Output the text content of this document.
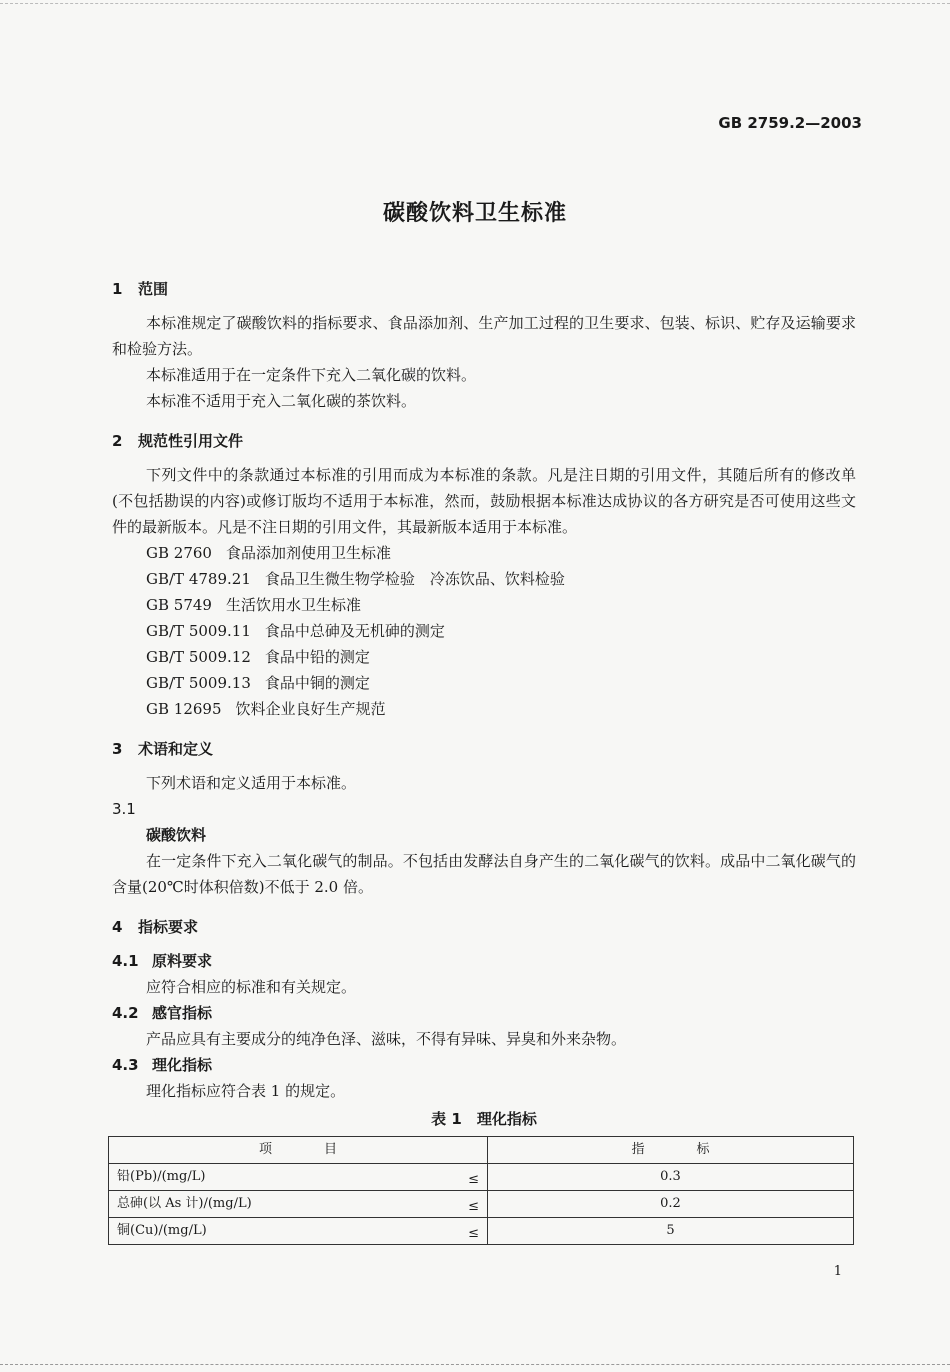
GB 2759.2—2003
碳酸饮料卫生标准
1 范围
本标准规定了碳酸饮料的指标要求、食品添加剂、生产加工过程的卫生要求、包装、标识、贮存及运输要求和检验方法。
本标准适用于在一定条件下充入二氧化碳的饮料。
本标准不适用于充入二氧化碳的茶饮料。
2 规范性引用文件
下列文件中的条款通过本标准的引用而成为本标准的条款。凡是注日期的引用文件，其随后所有的修改单(不包括勘误的内容)或修订版均不适用于本标准，然而，鼓励根据本标准达成协议的各方研究是否可使用这些文件的最新版本。凡是不注日期的引用文件，其最新版本适用于本标准。
GB 2760 食品添加剂使用卫生标准
GB/T 4789.21 食品卫生微生物学检验　冷冻饮品、饮料检验
GB 5749 生活饮用水卫生标准
GB/T 5009.11 食品中总砷及无机砷的测定
GB/T 5009.12 食品中铅的测定
GB/T 5009.13 食品中铜的测定
GB 12695 饮料企业良好生产规范
3 术语和定义
下列术语和定义适用于本标准。
3.1
碳酸饮料
在一定条件下充入二氧化碳气的制品。不包括由发酵法自身产生的二氧化碳气的饮料。成品中二氧化碳气的含量(20℃时体积倍数)不低于 2.0 倍。
4 指标要求
4.1 原料要求
应符合相应的标准和有关规定。
4.2 感官指标
产品应具有主要成分的纯净色泽、滋味，不得有异味、异臭和外来杂物。
4.3 理化指标
理化指标应符合表 1 的规定。
表 1　理化指标
项　　　　目	指　　　　标
铅(Pb)/(mg/L) ≤	0.3
总砷(以 As 计)/(mg/L) ≤	0.2
铜(Cu)/(mg/L) ≤	5
1
